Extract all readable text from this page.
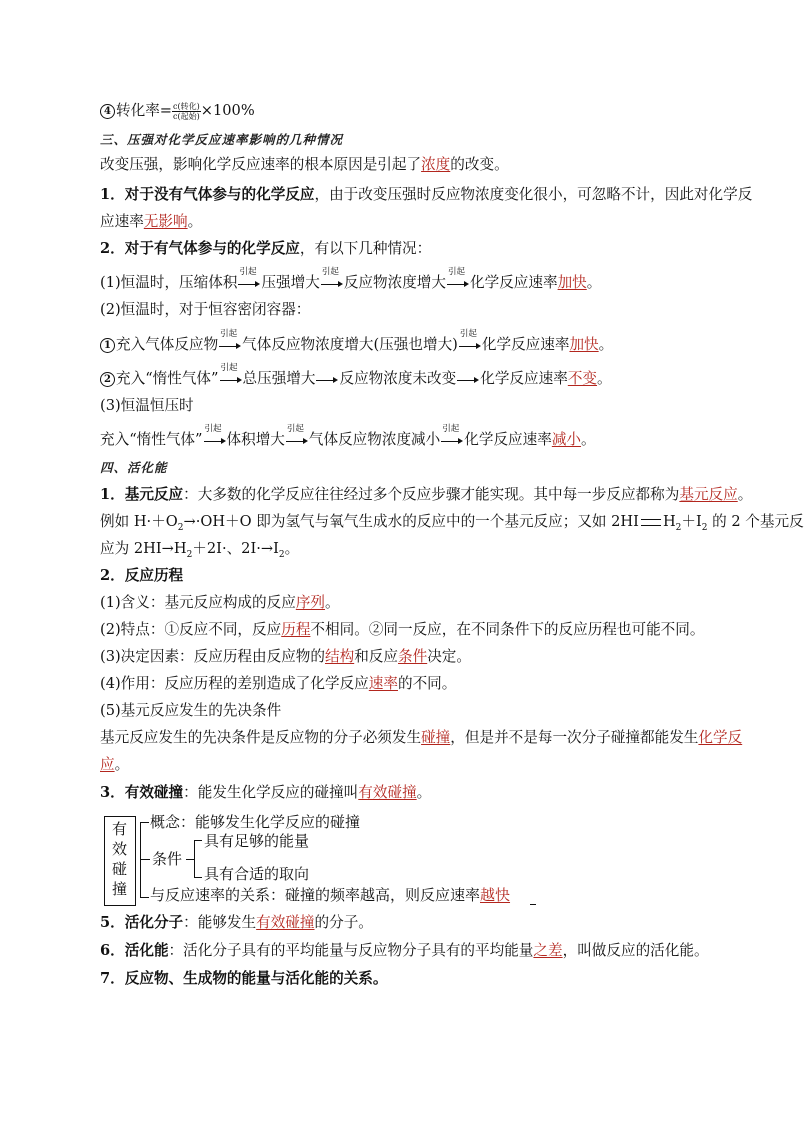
4 转化率= $\frac{\text{c(转化)}}{\text{c(起始)}} \times 100\%$
三、压强对化学反应速率影响的几种情况
改变压强，影响化学反应速率的根本原因是引起了浓度的改变。
1．对于没有气体参与的化学反应，由于改变压强时反应物浓度变化很小，可忽略不计，因此对化学反
应速率无影响。
2．对于有气体参与的化学反应，有以下几种情况：
(1)恒温时，压缩体积
引起
压强增大
引起
反应物浓度增大
引起
化学反应速率加快。
(2)恒温时，对于恒容密闭容器：
1 充入气体反应物
引起
气体反应物浓度增大(压强也增大)
引起
化学反应速率加快。
2 充入“惰性气体”
引起
总压强增大 反应物浓度未改变 化学反应速率不变。
(3)恒温恒压时
充入“惰性气体”
引起
体积增大
引起
气体反应物浓度减小
引起
化学反应速率减小。
四、活化能
1．基元反应：大多数的化学反应往往经过多个反应步骤才能实现。其中每一步反应都称为基元反应。
例如 $H\cdot+O_2\to\cdot OH+O$ 即为氢气与氧气生成水的反应中的一个基元反应；又如 2HI $H_2+I_2$ 的 2 个基元反
应为 $2HI\to H_2+2I\cdot$、$2I\cdot\to I_2$。
2．反应历程
(1)含义：基元反应构成的反应序列。
(2)特点：①反应不同，反应历程不相同。②同一反应，在不同条件下的反应历程也可能不同。
(3)决定因素：反应历程由反应物的结构和反应条件决定。
(4)作用：反应历程的差别造成了化学反应速率的不同。
(5)基元反应发生的先决条件
基元反应发生的先决条件是反应物的分子必须发生碰撞，但是并不是每一次分子碰撞都能发生化学反
应。
3．有效碰撞：能发生化学反应的碰撞叫有效碰撞。
有
效
碰
撞
概念：能够发生化学反应的碰撞
条件
具有足够的能量
具有合适的取向
与反应速率的关系：碰撞的频率越高，则反应速率越快
5．活化分子：能够发生有效碰撞的分子。
6．活化能：活化分子具有的平均能量与反应物分子具有的平均能量之差，叫做反应的活化能。
7．反应物、生成物的能量与活化能的关系。
